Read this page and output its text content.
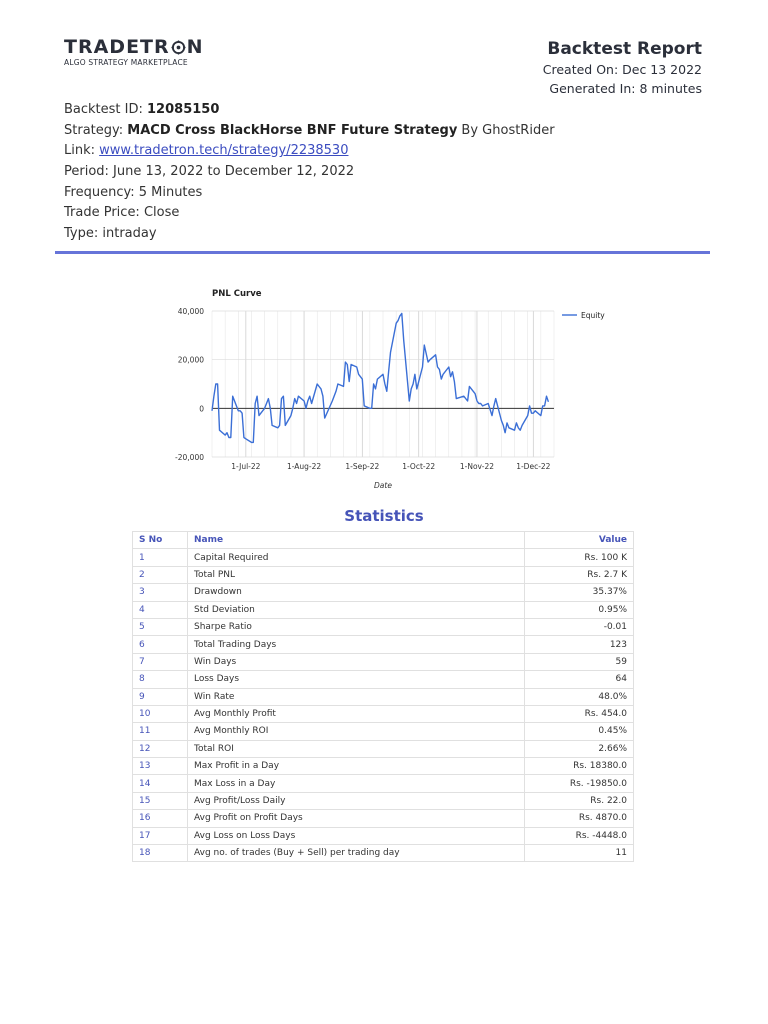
TRADETR N
ALGO STRATEGY MARKETPLACE
Backtest Report
Created On: Dec 13 2022
Generated In: 8 minutes
Backtest ID: 12085150
Strategy: MACD Cross BlackHorse BNF Future Strategy By GhostRider
Link: www.tradetron.tech/strategy/2238530
Period: June 13, 2022 to December 12, 2022
Frequency: 5 Minutes
Trade Price: Close
Type: intraday
PNL Curve
40,000
20,000
0
-20,000
1-Jul-22	1-Aug-22	1-Sep-22	1-Oct-22	1-Nov-22	1-Dec-22
Date
Equity
Statistics
S No	Name	Value
1	Capital Required	Rs. 100 K
2	Total PNL	Rs. 2.7 K
3	Drawdown	35.37%
4	Std Deviation	0.95%
5	Sharpe Ratio	-0.01
6	Total Trading Days	123
7	Win Days	59
8	Loss Days	64
9	Win Rate	48.0%
10	Avg Monthly Profit	Rs. 454.0
11	Avg Monthly ROI	0.45%
12	Total ROI	2.66%
13	Max Profit in a Day	Rs. 18380.0
14	Max Loss in a Day	Rs. -19850.0
15	Avg Profit/Loss Daily	Rs. 22.0
16	Avg Profit on Profit Days	Rs. 4870.0
17	Avg Loss on Loss Days	Rs. -4448.0
18	Avg no. of trades (Buy + Sell) per trading day	11
